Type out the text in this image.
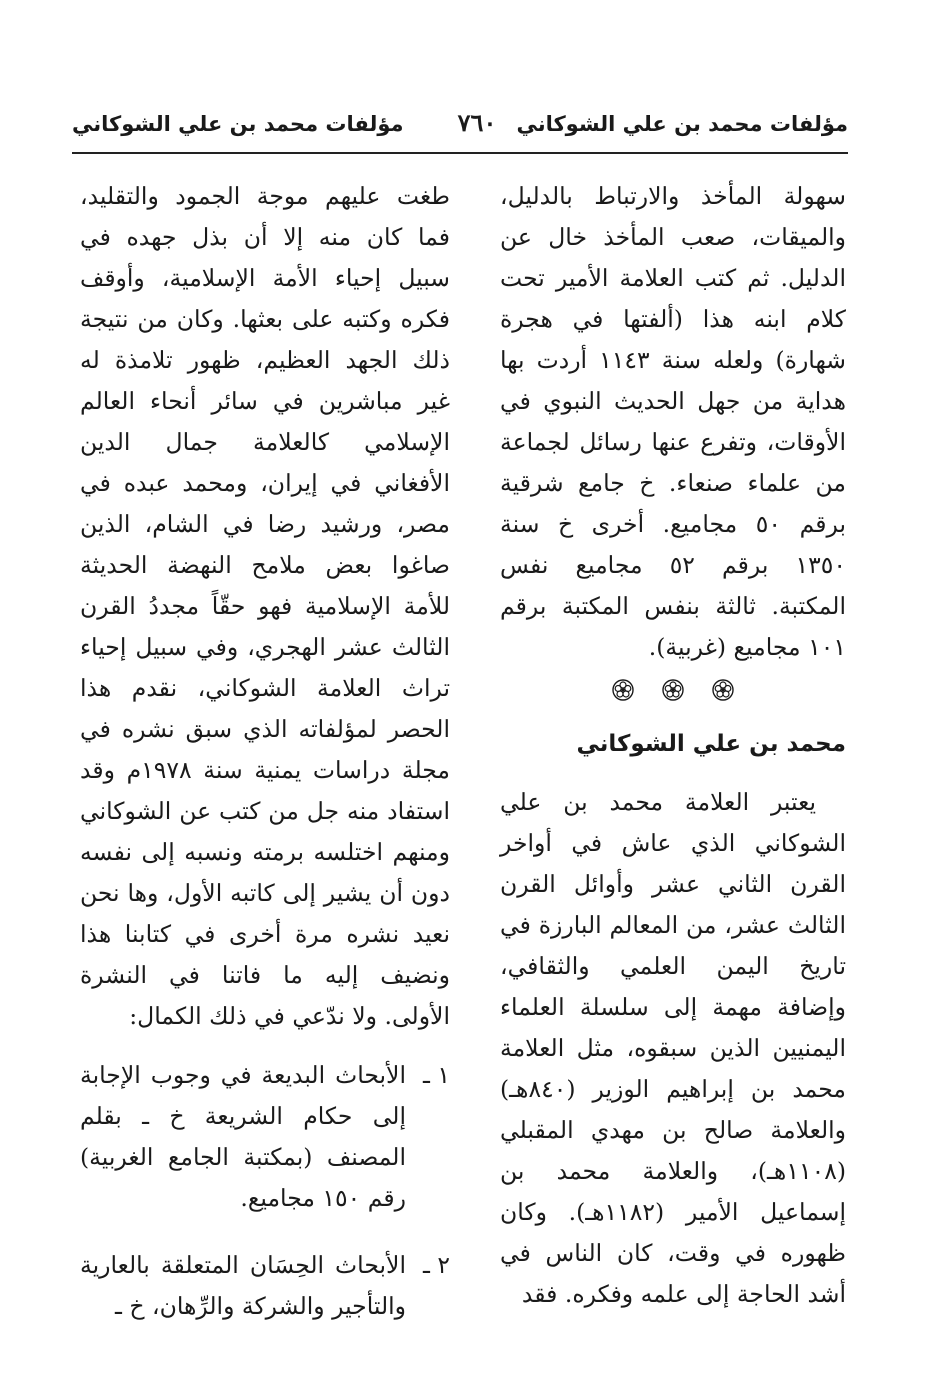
مؤلفات محمد بن علي الشوكاني
٧٦٠
مؤلفات محمد بن علي الشوكاني

سهولة المأخذ والارتباط بالدليل، والميقات، صعب المأخذ خال عن الدليل. ثم كتب العلامة الأمير تحت كلام ابنه هذا (ألفتها في هجرة شهارة) ولعله سنة ١١٤٣ أردت بها هداية من جهل الحديث النبوي في الأوقات، وتفرع عنها رسائل لجماعة من علماء صنعاء. خ جامع شرقية برقم ٥٠ مجاميع. أخرى خ سنة ١٣٥٠ برقم ٥٢ مجاميع نفس المكتبة. ثالثة بنفس المكتبة برقم ١٠١ مجاميع (غربية).

محمد بن علي الشوكاني

يعتبر العلامة محمد بن علي الشوكاني الذي عاش في أواخر القرن الثاني عشر وأوائل القرن الثالث عشر، من المعالم البارزة في تاريخ اليمن العلمي والثقافي، وإضافة مهمة إلى سلسلة العلماء اليمنيين الذين سبقوه، مثل العلامة محمد بن إبراهيم الوزير (٨٤٠هـ) والعلامة صالح بن مهدي المقبلي (١١٠٨هـ)، والعلامة محمد بن إسماعيل الأمير (١١٨٢هـ). وكان ظهوره في وقت، كان الناس في أشد الحاجة إلى علمه وفكره. فقد

طغت عليهم موجة الجمود والتقليد، فما كان منه إلا أن بذل جهده في سبيل إحياء الأمة الإسلامية، وأوقف فكره وكتبه على بعثها. وكان من نتيجة ذلك الجهد العظيم، ظهور تلامذة له غير مباشرين في سائر أنحاء العالم الإسلامي كالعلامة جمال الدين الأفغاني في إيران، ومحمد عبده في مصر، ورشيد رضا في الشام، الذين صاغوا بعض ملامح النهضة الحديثة للأمة الإسلامية فهو حقّاً مجددُ القرن الثالث عشر الهجري، وفي سبيل إحياء تراث العلامة الشوكاني، نقدم هذا الحصر لمؤلفاته الذي سبق نشره في مجلة دراسات يمنية سنة ١٩٧٨م وقد استفاد منه جل من كتب عن الشوكاني ومنهم اختلسه برمته ونسبه إلى نفسه دون أن يشير إلى كاتبه الأول، وها نحن نعيد نشره مرة أخرى في كتابنا هذا ونضيف إليه ما فاتنا في النشرة الأولى. ولا ندّعي في ذلك الكمال:

١ ـ
الأبحاث البديعة في وجوب الإجابة إلى حكام الشريعة خ ـ بقلم المصنف (بمكتبة الجامع الغربية) رقم ١٥٠ مجاميع.
٢ ـ
الأبحاث الحِسَان المتعلقة بالعارية والتأجير والشركة والرِّهان، خ ـ
